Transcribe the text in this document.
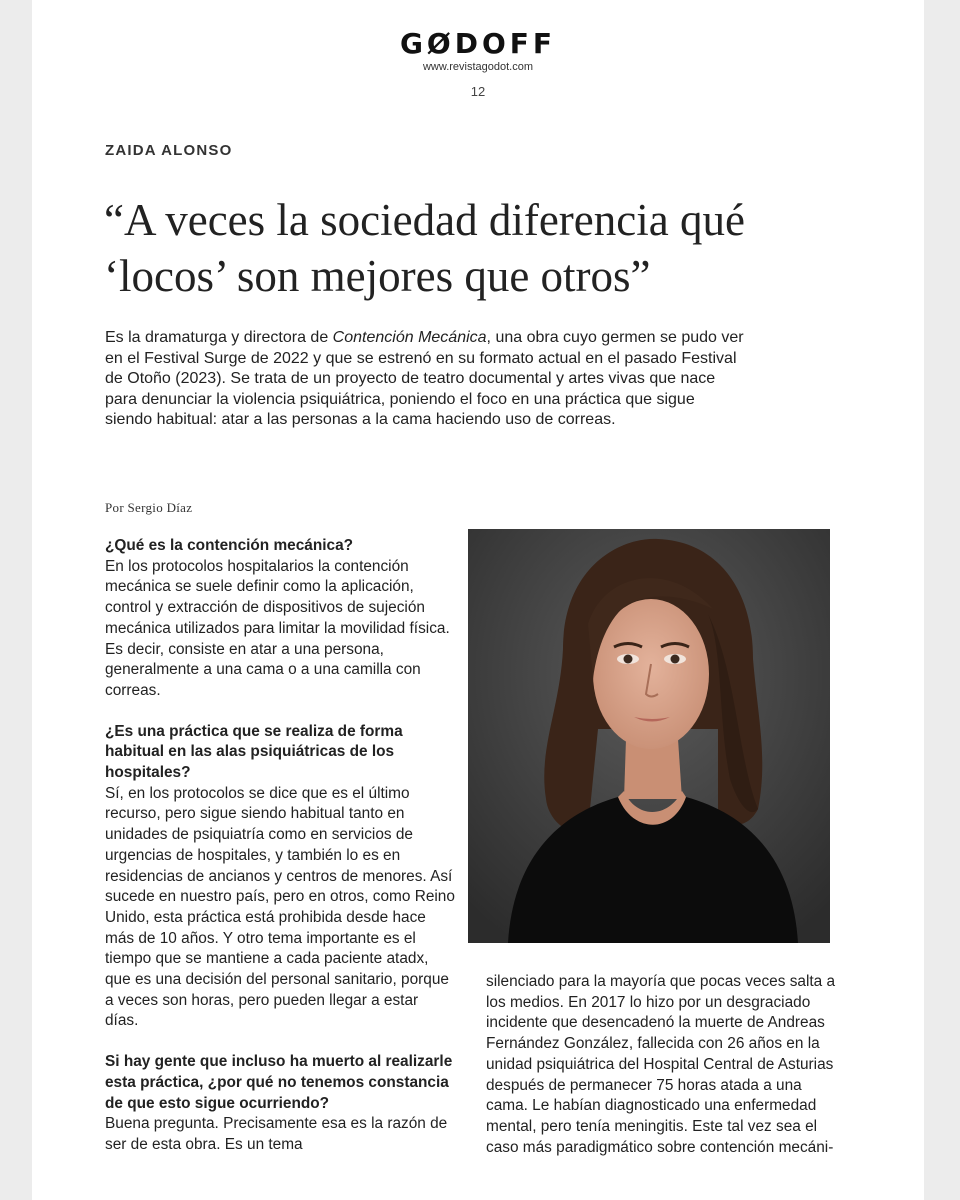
GØDOFF
www.revistagodot.com
12
ZAIDA ALONSO
“A veces la sociedad diferencia qué
‘locos’ son mejores que otros”
Es la dramaturga y directora de Contención Mecánica, una obra cuyo germen se pudo ver en el Festival Surge de 2022 y que se estrenó en su formato actual en el pasado Festival de Otoño (2023). Se trata de un proyecto de teatro documental y artes vivas que nace para denunciar la violencia psiquiátrica, poniendo el foco en una práctica que sigue siendo habitual: atar a las personas a la cama haciendo uso de correas.
Por Sergio Díaz

¿Qué es la contención mecánica?

En los protocolos hospitalarios la contención mecánica se suele definir como la aplicación, control y extracción de dispositivos de sujeción mecánica utilizados para limitar la movilidad física. Es decir, consiste en atar a una persona, generalmente a una cama o a una camilla con correas.

¿Es una práctica que se realiza de forma habitual en las alas psiquiátricas de los hospitales?

Sí, en los protocolos se dice que es el último recurso, pero sigue siendo habitual tanto en unidades de psiquiatría como en servicios de urgencias de hospitales, y también lo es en residencias de ancianos y centros de menores. Así sucede en nuestro país, pero en otros, como Reino Unido, esta práctica está prohibida desde hace más de 10 años. Y otro tema importante es el tiempo que se mantiene a cada paciente atadx, que es una decisión del personal sanitario, porque a veces son horas, pero pueden llegar a estar días.

Si hay gente que incluso ha muerto al realizarle esta práctica, ¿por qué no tenemos constancia de que esto sigue ocurriendo?

Buena pregunta. Precisamente esa es la razón de ser de esta obra. Es un tema

silenciado para la mayoría que pocas veces salta a los medios. En 2017 lo hizo por un desgraciado incidente que desencadenó la muerte de Andreas Fernández González, fallecida con 26 años en la unidad psiquiátrica del Hospital Central de Asturias después de permanecer 75 horas atada a una cama. Le habían diagnosticado una enfermedad mental, pero tenía meningitis. Este tal vez sea el caso más paradigmático sobre contención mecáni-
